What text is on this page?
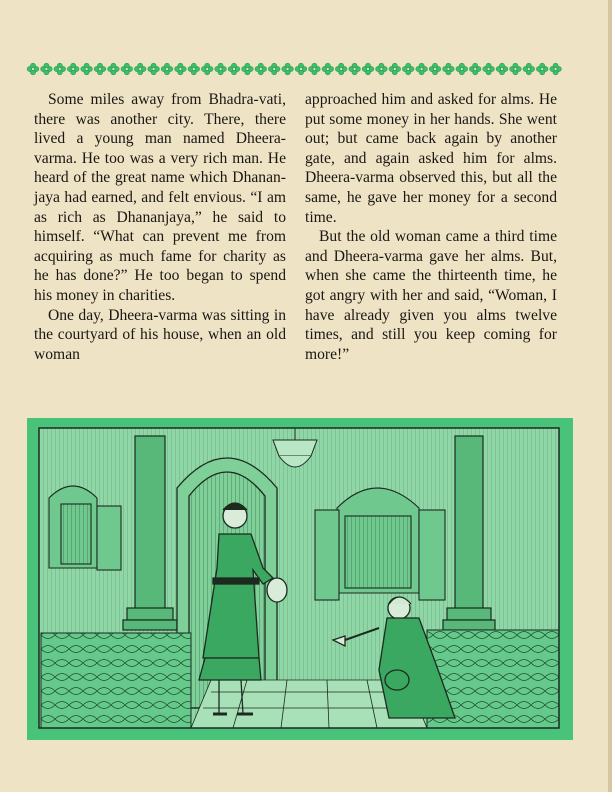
Some miles away from Bhadra-vati, there was another city. There, there lived a young man named Dheera-varma. He too was a very rich man. He heard of the great name which Dhanan-jaya had earned, and felt envious. “I am as rich as Dhananjaya,” he said to himself. “What can prevent me from acquiring as much fame for charity as he has done?” He too began to spend his money in charities.

One day, Dheera-varma was sitting in the courtyard of his house, when an old woman

approached him and asked for alms. He put some money in her hands. She went out; but came back again by another gate, and again asked him for alms. Dheera-varma observed this, but all the same, he gave her money for a second time.

But the old woman came a third time and Dheera-varma gave her alms. But, when she came the thirteenth time, he got angry with her and said, “Woman, I have already given you alms twelve times, and still you keep coming for more!”
